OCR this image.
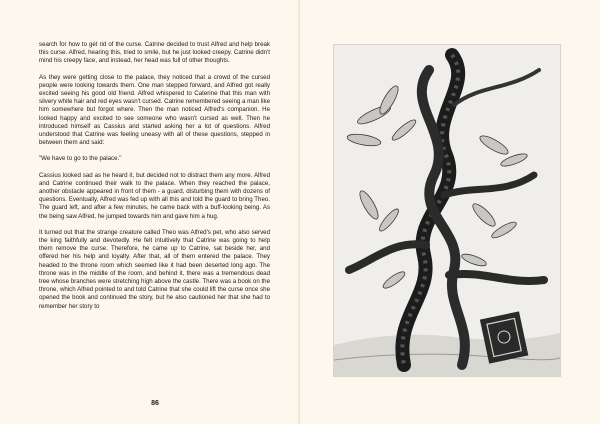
search for how to get rid of the curse. Catrine decided to trust Alfred and help break this curse. Alfred, hearing this, tried to smile, but he just looked creepy. Catrine didn't mind his creepy face, and instead, her head was full of other thoughts.

As they were getting close to the palace, they noticed that a crowd of the cursed people were looking towards them. One man stepped forward, and Alfred got really excited seeing his good old friend. Alfred whispered to Caterine that this man with silvery white hair and red eyes wasn't cursed. Catrine remembered seeing a man like him somewhere but forgot where. Then the man noticed Alfred's companion. He looked happy and excited to see someone who wasn't cursed as well. Then he introduced himself as Cassius and started asking her a lot of questions. Alfred understood that Catrine was feeling uneasy with all of these questions, stepped in between them and said:

"We have to go to the palace."

Cassius looked sad as he heard it, but decided not to distract them any more. Alfred and Catrine continued their walk to the palace. When they reached the palace, another obstacle appeared in front of them - a guard, disturbing them with dozens of questions. Eventually, Alfred was fed up with all this and told the guard to bring Theo. The guard left, and after a few minutes, he came back with a buff-looking being. As the being saw Alfred, he jumped towards him and gave him a hug.

It turned out that the strange creature called Theo was Alfred's pet, who also served the king faithfully and devotedly. He felt intuitively that Catrine was going to help them remove the curse. Therefore, he came up to Catrine, sat beside her, and offered her his help and loyalty. After that, all of them entered the palace. They headed to the throne room which seemed like it had been deserted long ago. The throne was in the middle of the room, and behind it, there was a tremendous dead tree whose branches were stretching high above the castle. There was a book on the throne, which Alfred pointed to and told Catrine that she could lift the curse once she opened the book and continued the story, but he also cautioned her that she had to remember her story to

86
